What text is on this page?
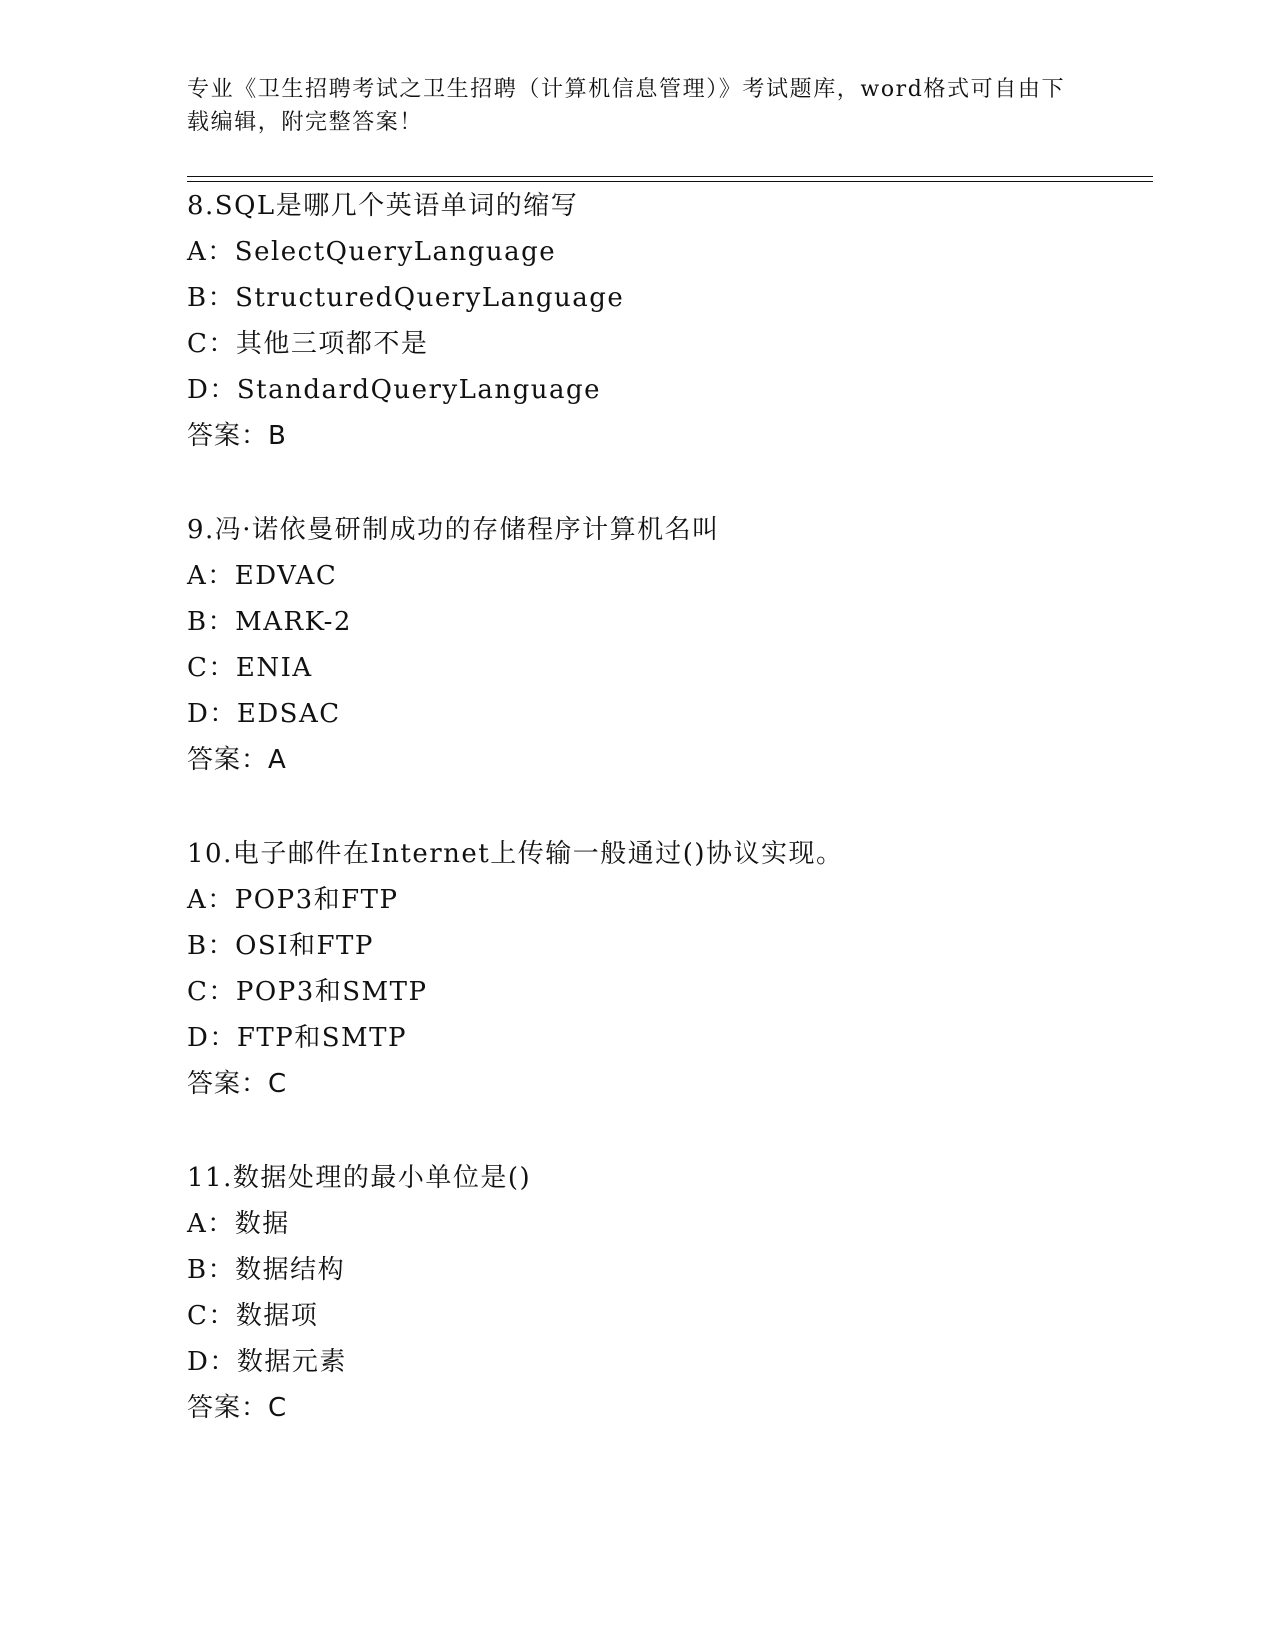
专业《卫生招聘考试之卫生招聘（计算机信息管理）》考试题库，word格式可自由下载编辑，附完整答案！
8.SQL是哪几个英语单词的缩写
A：SelectQueryLanguage
B：StructuredQueryLanguage
C：其他三项都不是
D：StandardQueryLanguage
答案：B
9.冯·诺依曼研制成功的存储程序计算机名叫
A：EDVAC
B：MARK-2
C：ENIA
D：EDSAC
答案：A
10.电子邮件在Internet上传输一般通过()协议实现。
A：POP3和FTP
B：OSI和FTP
C：POP3和SMTP
D：FTP和SMTP
答案：C
11.数据处理的最小单位是()
A：数据
B：数据结构
C：数据项
D：数据元素
答案：C
